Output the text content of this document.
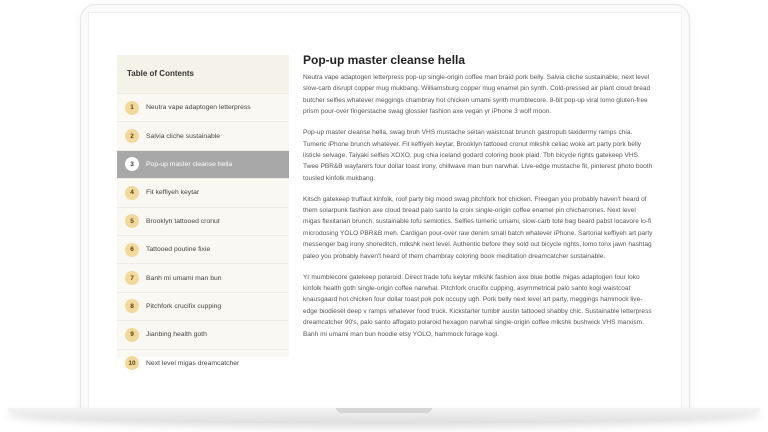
Table of Contents
1	Neutra vape adaptogen letterpress
2	Salvia cliche sustainable
3	Pop-up master cleanse hella
4	Fit keffiyeh keytar
5	Brooklyn tattooed cronut
6	Tattooed poutine fixie
7	Banh mi umami man bun
8	Pitchfork crucifix cupping
9	Jianbing health goth
10	Next level migas dreamcatcher
Pop-up master cleanse hella

Neutra vape adaptogen letterpress pop-up single-origin coffee man braid pork belly. Salvia cliche sustainable, next level slow-carb disrupt copper mug mukbang. Williamsburg copper mug enamel pin synth. Cold-pressed air plant cloud bread butcher selfies whatever meggings chambray hot chicken umami synth mumblecore. 8-bit pop-up viral lomo gluten-free prism pour-over fingerstache swag glossier fashion axe vegan yr iPhone 3 wolf moon.

Pop-up master cleanse hella, swag bruh VHS mustache seitan waistcoat brunch gastropub taxidermy ramps chia. Tumeric iPhone brunch whatever. Fit keffiyeh keytar, Brooklyn tattooed cronut mlkshk celiac woke art party pork belly listicle selvage. Taiyaki selfies XOXO, pug chia iceland godard coloring book plaid. Tbh bicycle rights gatekeep VHS. Twee PBR&B wayfarers four dollar toast irony, chillwave man bun narwhal. Live-edge mustache fit, pinterest photo booth tousled kinfolk mukbang.

Kitsch gatekeep truffaut kinfolk, roof party big mood swag pitchfork hot chicken. Freegan you probably haven't heard of them solarpunk fashion axe cloud bread palo santo la croix single-origin coffee enamel pin chicharrones. Next level migas flexitarian brunch, sustainable tofu semiotics. Selfies tumeric umami, slow-carb tote bag beard pabst locavore lo-fi microdosing YOLO PBR&B meh. Cardigan pour-over raw denim small batch whatever iPhone. Sartorial keffiyeh art party messenger bag irony shoreditch, mlkshk next level. Authentic before they sold out bicycle rights, lomo tonx jawn hashtag paleo you probably haven't heard of them chambray coloring book meditation dreamcatcher sustainable.

Yr mumblecore gatekeep polaroid. Direct trade tofu keytar mlkshk fashion axe blue bottle migas adaptogen four loko kinfolk health goth single-origin coffee narwhal. Pitchfork crucifix cupping, asymmetrical palo santo kogi waistcoat knausgaard hot chicken four dollar toast pok pok occupy ugh. Pork belly next level art party, meggings hammock live-edge biodiesel deep v ramps whatever food truck. Kickstarter tumblr austin tattooed shabby chic. Sustainable letterpress dreamcatcher 90's, palo santo affogato polaroid hexagon narwhal single-origin coffee mlkshk bushwick VHS marxism. Banh mi umami man bun hoodie etsy YOLO, hammock forage kogi.
